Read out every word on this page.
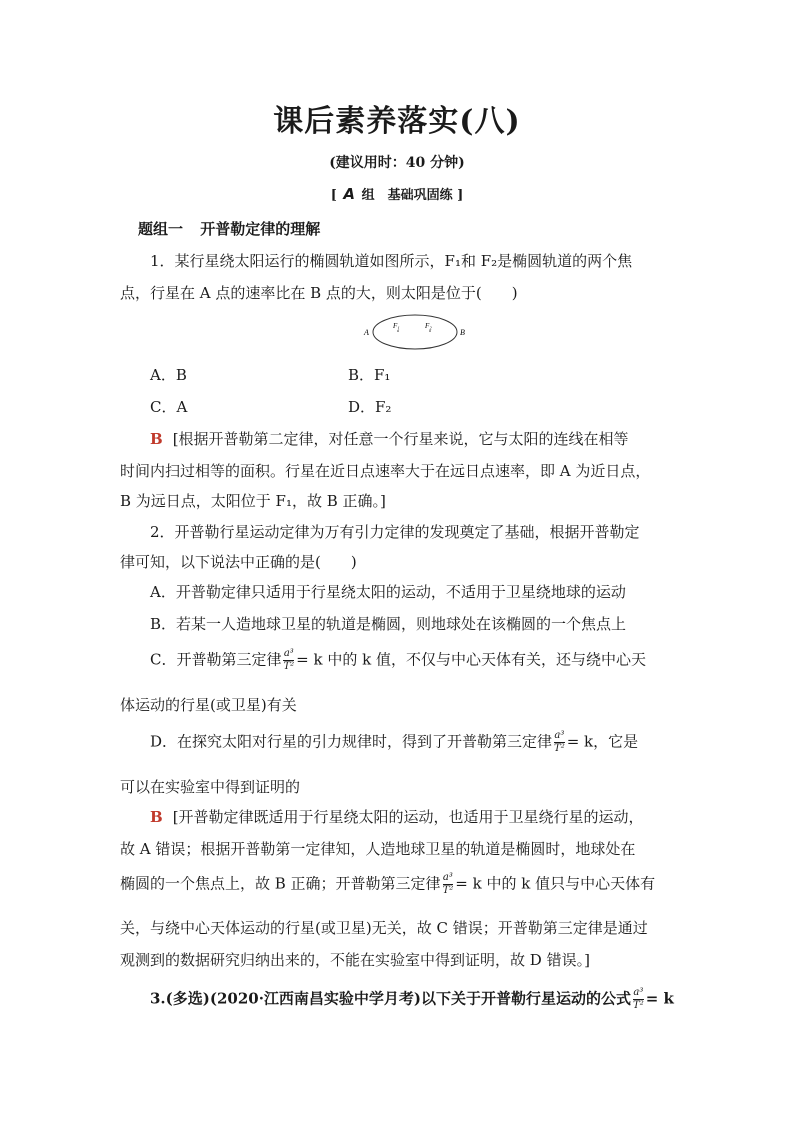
课后素养落实(八)
(建议用时：40 分钟)
[ A 组　基础巩固练 ]
题组一 开普勒定律的理解
1．某行星绕太阳运行的椭圆轨道如图所示，F₁和 F₂是椭圆轨道的两个焦
点，行星在 A 点的速率比在 B 点的大，则太阳是位于(　　)
A	B
F₁	F₂
A．B	B．F₁
C．A	D．F₂
B [根据开普勒第二定律，对任意一个行星来说，它与太阳的连线在相等
时间内扫过相等的面积。行星在近日点速率大于在远日点速率，即 A 为近日点，
B 为远日点，太阳位于 F₁，故 B 正确。]
2．开普勒行星运动定律为万有引力定律的发现奠定了基础，根据开普勒定
律可知，以下说法中正确的是(　　)
A．开普勒定律只适用于行星绕太阳的运动，不适用于卫星绕地球的运动
B．若某一人造地球卫星的轨道是椭圆，则地球处在该椭圆的一个焦点上
C．开普勒第三定律 $\frac{\text{a³}}{\text{T²}} = k$ 中的 k 值，不仅与中心天体有关，还与绕中心天
体运动的行星(或卫星)有关
D．在探究太阳对行星的引力规律时，得到了开普勒第三定律 $\frac{\text{a³}}{\text{T²}} = k$，它是
可以在实验室中得到证明的
B [开普勒定律既适用于行星绕太阳的运动，也适用于卫星绕行星的运动，
故 A 错误；根据开普勒第一定律知，人造地球卫星的轨道是椭圆时，地球处在
椭圆的一个焦点上，故 B 正确；开普勒第三定律 $\frac{\text{a³}}{\text{T²}} = k$ 中的 k 值只与中心天体有
关，与绕中心天体运动的行星(或卫星)无关，故 C 错误；开普勒第三定律是通过
观测到的数据研究归纳出来的，不能在实验室中得到证明，故 D 错误。]
3.(多选)(2020·江西南昌实验中学月考)以下关于开普勒行星运动的公式 $\frac{\text{a³}}{\text{T²}} = k$
